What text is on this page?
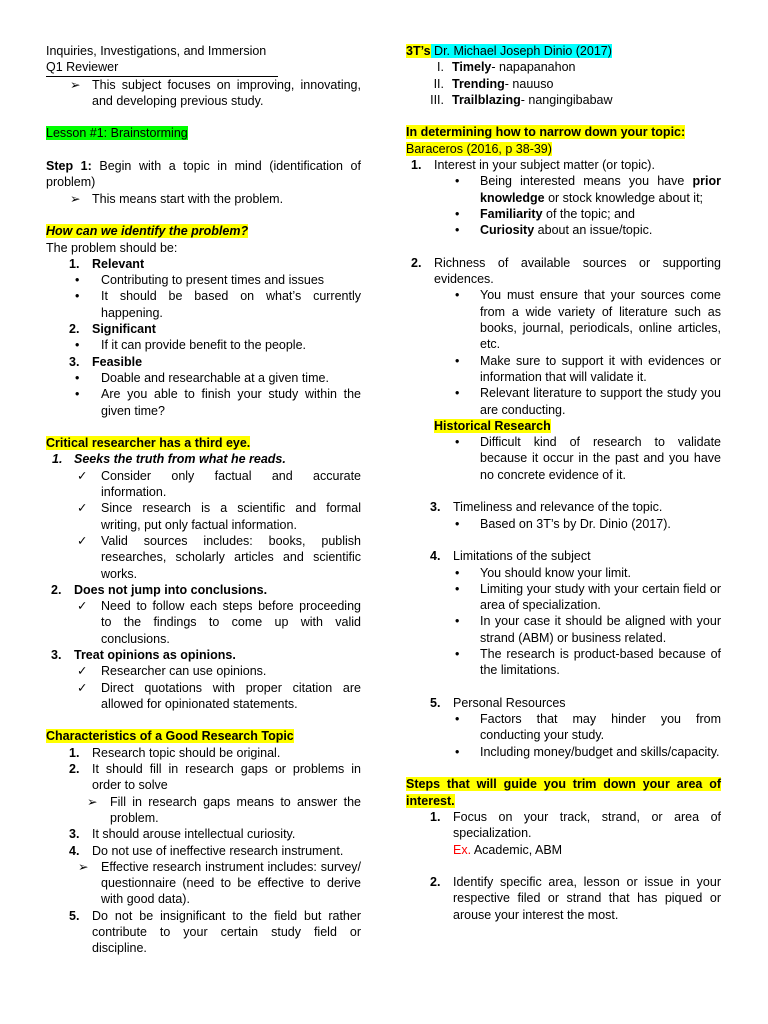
Inquiries, Investigations, and Immersion
Q1 Reviewer
➢ This subject focuses on improving, innovating, and developing previous study.
Lesson #1: Brainstorming
Step 1: Begin with a topic in mind (identification of problem)
➢ This means start with the problem.
How can we identify the problem?
The problem should be:
1. Relevant
• Contributing to present times and issues
• It should be based on what’s currently happening.
2. Significant
• If it can provide benefit to the people.
3. Feasible
• Doable and researchable at a given time.
• Are you able to finish your study within the given time?
Critical researcher has a third eye.
1. Seeks the truth from what he reads.
✓ Consider only factual and accurate information.
✓ Since research is a scientific and formal writing, put only factual information.
✓ Valid sources includes: books, publish researches, scholarly articles and scientific works.
2. Does not jump into conclusions.
✓ Need to follow each steps before proceeding to the findings to come up with valid conclusions.
3. Treat opinions as opinions.
✓ Researcher can use opinions.
✓ Direct quotations with proper citation are allowed for opinionated statements.
Characteristics of a Good Research Topic
1. Research topic should be original.
2. It should fill in research gaps or problems in order to solve
➢ Fill in research gaps means to answer the problem.
3. It should arouse intellectual curiosity.
4. Do not use of ineffective research instrument.
➢ Effective research instrument includes: survey/ questionnaire (need to be effective to derive with good data).
5. Do not be insignificant to the field but rather contribute to your certain study field or discipline.
3T’s Dr. Michael Joseph Dinio (2017)
I. Timely- napapanahon
II. Trending- nauuso
III. Trailblazing- nangingibabaw
In determining how to narrow down your topic:
Baraceros (2016, p 38-39)
1. Interest in your subject matter (or topic).
• Being interested means you have prior knowledge or stock knowledge about it;
• Familiarity of the topic; and
• Curiosity about an issue/topic.
2. Richness of available sources or supporting evidences.
• You must ensure that your sources come from a wide variety of literature such as books, journal, periodicals, online articles, etc.
• Make sure to support it with evidences or information that will validate it.
• Relevant literature to support the study you are conducting.
Historical Research
• Difficult kind of research to validate because it occur in the past and you have no concrete evidence of it.
3. Timeliness and relevance of the topic.
• Based on 3T’s by Dr. Dinio (2017).
4. Limitations of the subject
• You should know your limit.
• Limiting your study with your certain field or area of specialization.
• In your case it should be aligned with your strand (ABM) or business related.
• The research is product-based because of the limitations.
5. Personal Resources
• Factors that may hinder you from conducting your study.
• Including money/budget and skills/capacity.
Steps that will guide you trim down your area of interest.
1. Focus on your track, strand, or area of specialization.
Ex. Academic, ABM
2. Identify specific area, lesson or issue in your respective filed or strand that has piqued or arouse your interest the most.
